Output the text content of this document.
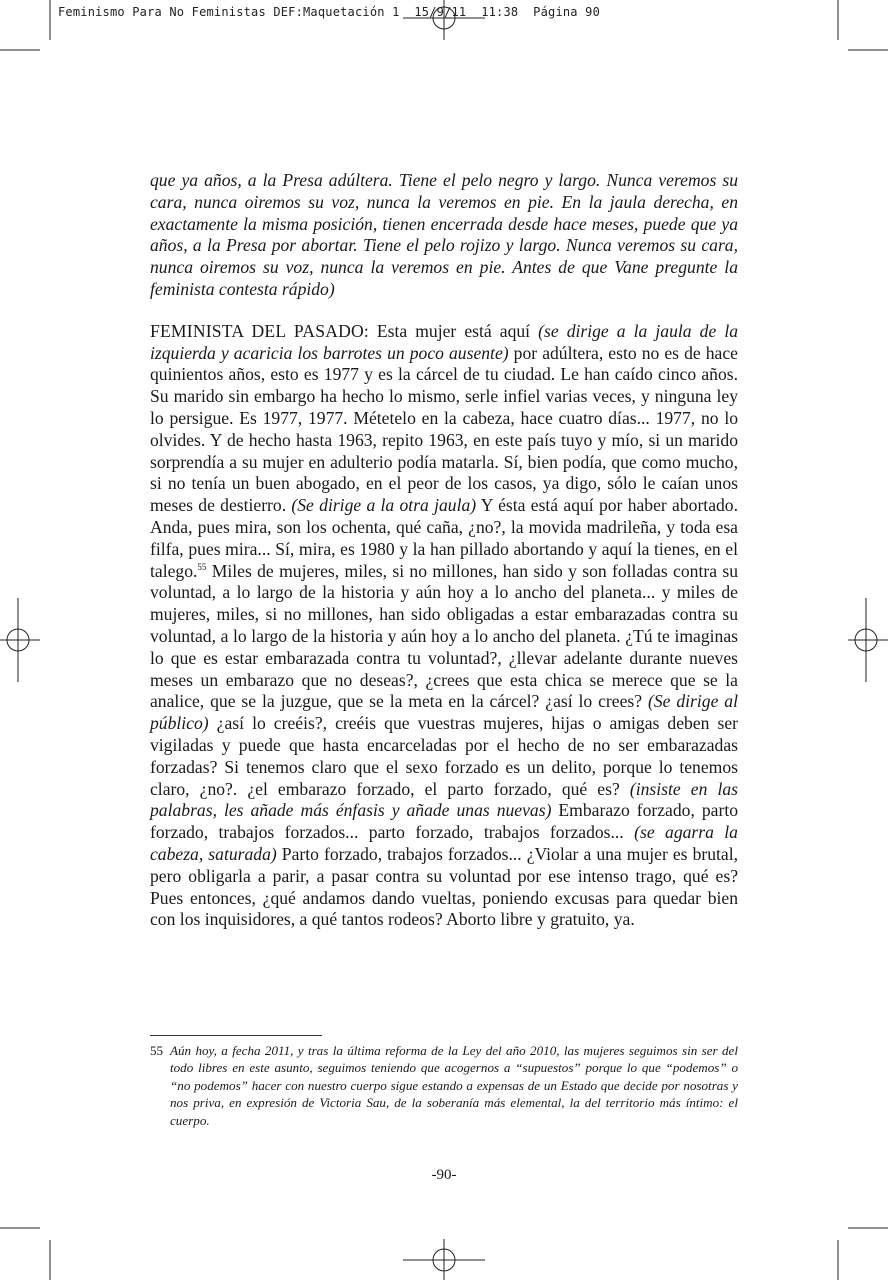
Feminismo Para No Feministas DEF:Maquetación 1  15/9/11  11:38  Página 90

que ya años, a la Presa adúltera. Tiene el pelo negro y largo. Nunca veremos su cara, nunca oiremos su voz, nunca la veremos en pie. En la jaula derecha, en exactamente la misma posición, tienen encerrada desde hace meses, puede que ya años, a la Presa por abortar. Tiene el pelo rojizo y largo. Nunca veremos su cara, nunca oiremos su voz, nunca la veremos en pie. Antes de que Vane pregunte la feminista contesta rápido)

FEMINISTA DEL PASADO: Esta mujer está aquí (se dirige a la jaula de la izquierda y acaricia los barrotes un poco ausente) por adúltera, esto no es de hace quinientos años, esto es 1977 y es la cárcel de tu ciudad. Le han caído cinco años. Su marido sin embargo ha hecho lo mismo, serle infiel varias veces, y ninguna ley lo persigue. Es 1977, 1977. Métetelo en la cabeza, hace cuatro días... 1977, no lo olvides. Y de hecho hasta 1963, repito 1963, en este país tuyo y mío, si un marido sorprendía a su mujer en adulterio podía matarla. Sí, bien podía, que como mucho, si no tenía un buen abogado, en el peor de los casos, ya digo, sólo le caían unos meses de destierro. (Se dirige a la otra jaula) Y ésta está aquí por haber abortado. Anda, pues mira, son los ochenta, qué caña, ¿no?, la movida madrileña, y toda esa filfa, pues mira... Sí, mira, es 1980 y la han pillado abortando y aquí la tienes, en el talego.$^{55}$ Miles de mujeres, miles, si no millones, han sido y son folladas contra su voluntad, a lo largo de la historia y aún hoy a lo ancho del planeta... y miles de mujeres, miles, si no millones, han sido obligadas a estar embarazadas contra su voluntad, a lo largo de la historia y aún hoy a lo ancho del planeta. ¿Tú te imaginas lo que es estar embarazada contra tu voluntad?, ¿llevar adelante durante nueves meses un embarazo que no deseas?, ¿crees que esta chica se merece que se la analice, que se la juzgue, que se la meta en la cárcel? ¿así lo crees? (Se dirige al público) ¿así lo creéis?, creéis que vuestras mujeres, hijas o amigas deben ser vigiladas y puede que hasta encarceladas por el hecho de no ser embarazadas forzadas? Si tenemos claro que el sexo forzado es un delito, porque lo tenemos claro, ¿no?. ¿el embarazo forzado, el parto forzado, qué es? (insiste en las palabras, les añade más énfasis y añade unas nuevas) Embarazo forzado, parto forzado, trabajos forzados... parto forzado, trabajos forzados... (se agarra la cabeza, saturada) Parto forzado, trabajos forzados... ¿Violar a una mujer es brutal, pero obligarla a parir, a pasar contra su voluntad por ese intenso trago, qué es? Pues entonces, ¿qué andamos dando vueltas, poniendo excusas para quedar bien con los inquisidores, a qué tantos rodeos? Aborto libre y gratuito, ya.

55 Aún hoy, a fecha 2011, y tras la última reforma de la Ley del año 2010, las mujeres seguimos sin ser del todo libres en este asunto, seguimos teniendo que acogernos a “supuestos” porque lo que “podemos” o “no podemos” hacer con nuestro cuerpo sigue estando a expensas de un Estado que decide por nosotras y nos priva, en expresión de Victoria Sau, de la soberanía más elemental, la del territorio más íntimo: el cuerpo.
-90-
